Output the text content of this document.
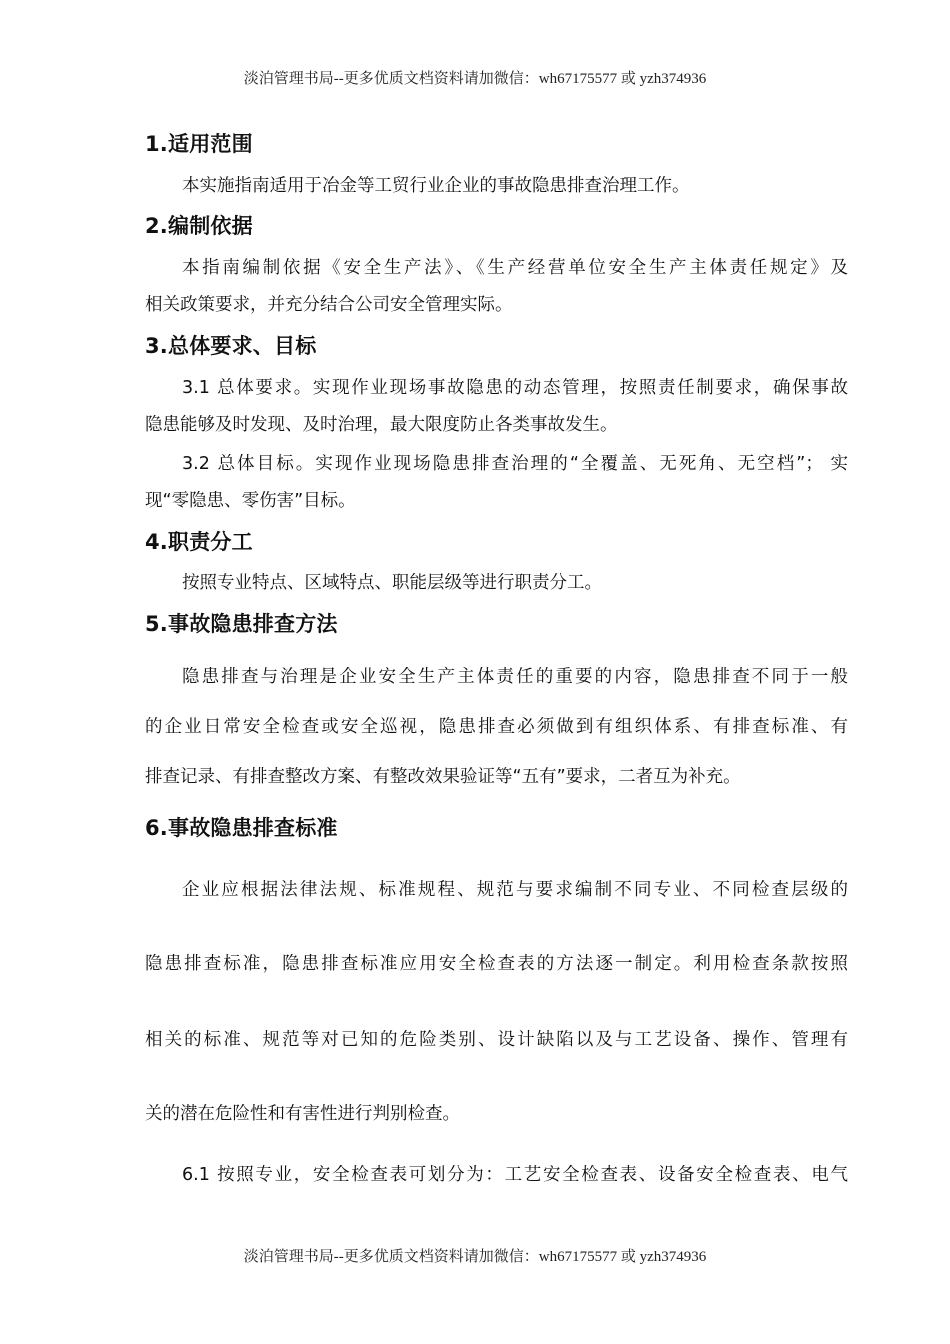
淡泊管理书局--更多优质文档资料请加微信：wh67175577 或 yzh374936
1.适用范围
本实施指南适用于冶金等工贸行业企业的事故隐患排查治理工作。
2.编制依据
本指南编制依据《安全生产法》、《生产经营单位安全生产主体责任规定》及
相关政策要求，并充分结合公司安全管理实际。
3.总体要求、目标
3.1 总体要求。实现作业现场事故隐患的动态管理，按照责任制要求，确保事故
隐患能够及时发现、及时治理，最大限度防止各类事故发生。
3.2 总体目标。实现作业现场隐患排查治理的“全覆盖、无死角、无空档”； 实
现“零隐患、零伤害”目标。
4.职责分工
按照专业特点、区域特点、职能层级等进行职责分工。
5.事故隐患排查方法
隐患排查与治理是企业安全生产主体责任的重要的内容，隐患排查不同于一般
的企业日常安全检查或安全巡视，隐患排查必须做到有组织体系、有排查标准、有
排查记录、有排查整改方案、有整改效果验证等“五有”要求，二者互为补充。
6.事故隐患排查标准
企业应根据法律法规、标准规程、规范与要求编制不同专业、不同检查层级的
隐患排查标准，隐患排查标准应用安全检查表的方法逐一制定。利用检查条款按照
相关的标准、规范等对已知的危险类别、设计缺陷以及与工艺设备、操作、管理有
关的潜在危险性和有害性进行判别检查。
6.1 按照专业，安全检查表可划分为：工艺安全检查表、设备安全检查表、电气
淡泊管理书局--更多优质文档资料请加微信：wh67175577 或 yzh374936
